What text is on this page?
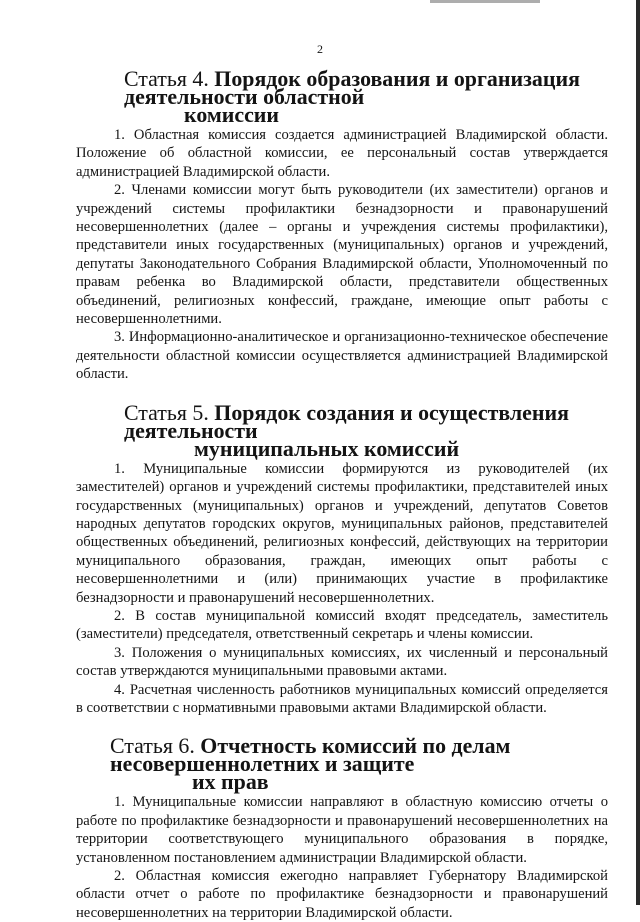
2
Статья 4. Порядок образования и организация деятельности областной
комиссии

1. Областная комиссия создается администрацией Владимирской области. Положение об областной комиссии, ее персональный состав утверждается администрацией Владимирской области.

2. Членами комиссии могут быть руководители (их заместители) органов и учреждений системы профилактики безнадзорности и правонарушений несовершеннолетних (далее – органы и учреждения системы профилактики), представители иных государственных (муниципальных) органов и учреждений, депутаты Законодательного Собрания Владимирской области, Уполномоченный по правам ребенка во Владимирской области, представители общественных объединений, религиозных конфессий, граждане, имеющие опыт работы с несовершеннолетними.

3. Информационно-аналитическое и организационно-техническое обеспечение деятельности областной комиссии осуществляется администрацией Владимирской области.

Статья 5. Порядок создания и осуществления деятельности
муниципальных комиссий

1. Муниципальные комиссии формируются из руководителей (их заместителей) органов и учреждений системы профилактики, представителей иных государственных (муниципальных) органов и учреждений, депутатов Советов народных депутатов городских округов, муниципальных районов, представителей общественных объединений, религиозных конфессий, действующих на территории муниципального образования, граждан, имеющих опыт работы с несовершеннолетними и (или) принимающих участие в профилактике безнадзорности и правонарушений несовершеннолетних.

2. В состав муниципальной комиссий входят председатель, заместитель (заместители) председателя, ответственный секретарь и члены комиссии.

3. Положения о муниципальных комиссиях, их численный и персональный состав утверждаются муниципальными правовыми актами.

4. Расчетная численность работников муниципальных комиссий определяется в соответствии с нормативными правовыми актами Владимирской области.

Статья 6. Отчетность комиссий по делам несовершеннолетних и защите
их прав

1. Муниципальные комиссии направляют в областную комиссию отчеты о работе по профилактике безнадзорности и правонарушений несовершеннолетних на территории соответствующего муниципального образования в порядке, установленном постановлением администрации Владимирской области.

2. Областная комиссия ежегодно направляет Губернатору Владимирской области отчет о работе по профилактике безнадзорности и правонарушений несовершеннолетних на территории Владимирской области.
